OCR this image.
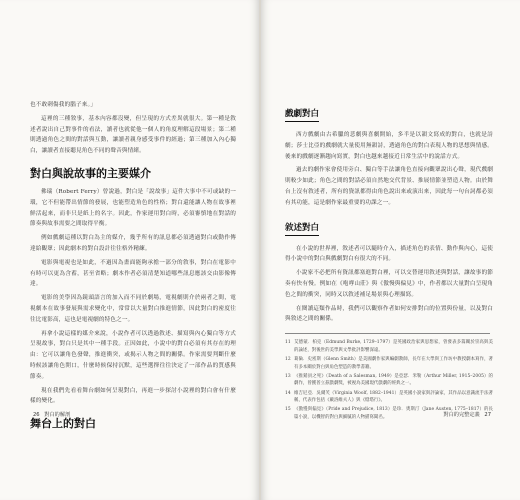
也不敢刺傷我的腦子來。」

這裡的三種敘事，基本內容都沒變，但呈現的方式差異就很大。第一種是敘述者說出自己對事件的看法，讀者也就從他一個人的角度理解這段場景；第二種則透過角色之間的對話與互動，讓讀者親身感受事件的經過；第三種加入內心獨白，讓讀者直接聽見角色不同的聲音與情緒。

對白與說故事的主要媒介

佛瑞（Robert Ferry）曾說過，對白是「說故事」這件大事中不可或缺的一環，它不但能帶出情節的發展，也能塑造角色的性格；對白還能讓人物在故事裡鮮活起來，而非只是紙上的名字。因此，作家運用對白時，必須審慎地在對話的節奏與故事需要之間取得平衡。

例如戲劇這種以對白為主的媒介，幾乎所有的訊息都必須透過對白或動作傳達給觀眾；因此劇本的對白設計往往格外精練。

電影與電視也是如此，不過因為畫面能夠承擔一部分的敘事，對白在電影中有時可以更為含蓄，甚至省略；劇本作者必須清楚知道哪些訊息應該交由影像傳達。

電影的美學因為鏡頭語言的加入而不同於劇場，電視劇則介於兩者之間，電視劇本在故事發展與需求變化中，常常以大量對白推進情節，因此對白的密度往往比電影高，這也是電視劇的特色之一。

再拿小說這樣的媒介來說，小說作者可以透過敘述、描寫與內心獨白等方式呈現故事，對白只是其中一種手段。正因如此，小說中的對白必須有其存在的理由：它可以讓角色發聲，推進衝突，或揭示人物之間的關係。作家需要判斷什麼時候該讓角色開口，什麼時候保持沉默，這些選擇往往決定了一部作品的質感與節奏。

現在我們先看看舞台劇如何呈現對白，再進一步探討小說裡的對白會有什麼樣的變化。

舞台上的對白
26 對白的解剖
戲劇對白

西方戲劇由古希臘的悲劇與喜劇開始，多半是以韻文寫成的對白，也就是詩劇；莎士比亞的戲劇就大量使用無韻詩，透過角色的對白表現人物的思想與情感。後來的戲劇逐漸趨向寫實，對白也越來越接近日常生活中的說話方式。

過去的劇作家會使用旁白、獨白等手法讓角色直接向觀眾說出心聲，現代戲劇則較少如此；角色之間的對話必須自然地交代背景、推展情節並塑造人物。由於舞台上沒有敘述者，所有的資訊都得由角色說出來或演出來，因此每一句台詞都必須有其功能，這是劇作家最重要的功課之一。

敘述對白

在小說的世界裡，敘述者可以隨時介入，描述角色的表情、動作與內心，這使得小說中的對白與戲劇對白有很大的不同。

小說家不必把所有資訊都塞進對白裡，可以交替運用敘述與對話，讓故事的節奏有快有慢。例如在《咆哮山莊》與《傲慢與偏見》中，作者都以大量對白呈現角色之間的衝突，同時又以敘述補足場景與心理描寫。

在閱讀這類作品時，我們可以觀察作者如何安排對白的位置與份量，以及對白與敘述之間的關係。

11 艾德蒙．柏克（Edmund Burke, 1729–1797）是英國政治家與思想家，曾發表多篇關於崇高與美的論述，對後世的美學與文學批評影響深遠。
12 葛倫．史密斯（Glenn Smith）是美國劇作家與編劇教師，長年在大學與工作坊中教授劇本寫作，著有多本關於對白與角色塑造的教學書籍。
13 《推銷員之死》（Death of a Salesman, 1949）是亞瑟．米勒（Arthur Miller, 1915–2005）的劇作，曾獲普立茲戲劇獎，被視為美國現代戲劇的經典之一。
14 維吉尼亞．吳爾芙（Virginia Woolf, 1882–1941）是英國小說家與評論家，其作品以意識流手法著稱，代表作包括《戴洛維夫人》與《燈塔行》。
15 《傲慢與偏見》（Pride and Prejudice, 1813）是珍．奧斯汀（Jane Austen, 1775–1817）的長篇小說，以機智的對白與細膩的人物描寫聞名。	對白的完整定義 27
